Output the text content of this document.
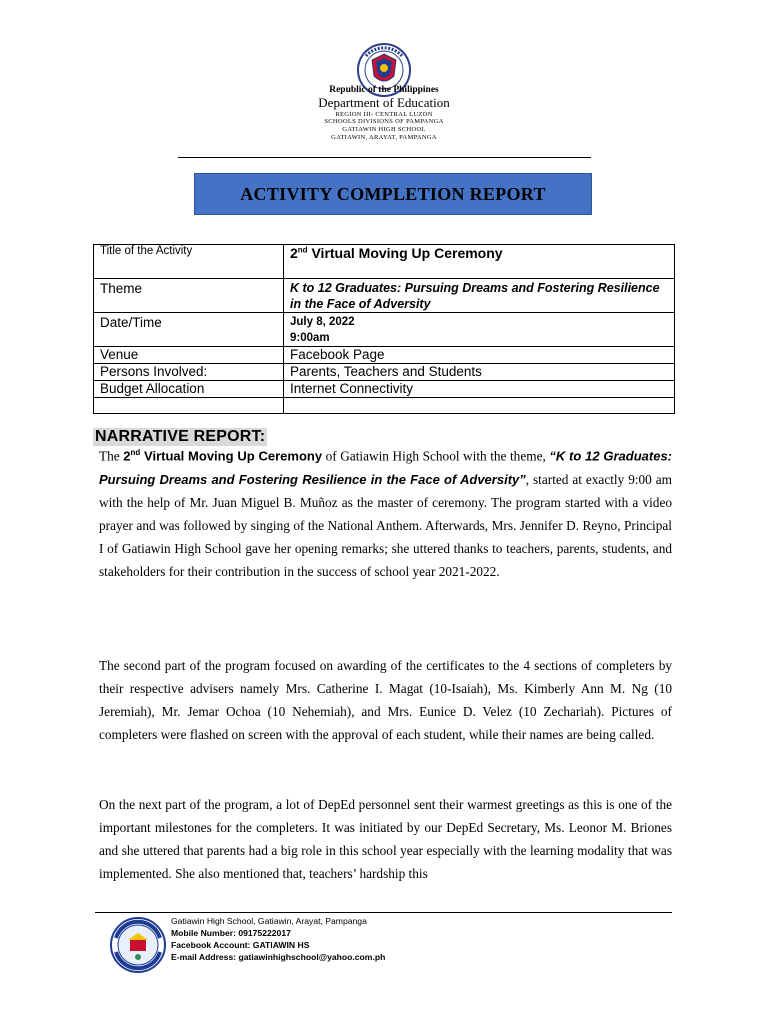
Republic of the Philippines
Department of Education
REGION III- CENTRAL LUZON
SCHOOLS DIVISIONS OF PAMPANGA
GATIAWIN HIGH SCHOOL
GATIAWIN, ARAYAT, PAMPANGA
ACTIVITY COMPLETION REPORT
Title of the Activity	2nd Virtual Moving Up Ceremony
Theme	K to 12 Graduates: Pursuing Dreams and Fostering Resilience in the Face of Adversity
Date/Time	July 8, 2022
9:00am

Venue	Facebook Page
Persons Involved:	Parents, Teachers and Students
Budget Allocation	Internet Connectivity

NARRATIVE REPORT:
The 2nd Virtual Moving Up Ceremony of Gatiawin High School with the theme, “K to 12 Graduates: Pursuing Dreams and Fostering Resilience in the Face of Adversity”, started at exactly 9:00 am with the help of Mr. Juan Miguel B. Muñoz as the master of ceremony. The program started with a video prayer and was followed by singing of the National Anthem. Afterwards, Mrs. Jennifer D. Reyno, Principal I of Gatiawin High School gave her opening remarks; she uttered thanks to teachers, parents, students, and stakeholders for their contribution in the success of school year 2021-2022.
The second part of the program focused on awarding of the certificates to the 4 sections of completers by their respective advisers namely Mrs. Catherine I. Magat (10-Isaiah), Ms. Kimberly Ann M. Ng (10 Jeremiah), Mr. Jemar Ochoa (10 Nehemiah), and Mrs. Eunice D. Velez (10 Zechariah). Pictures of completers were flashed on screen with the approval of each student, while their names are being called.
On the next part of the program, a lot of DepEd personnel sent their warmest greetings as this is one of the important milestones for the completers. It was initiated by our DepEd Secretary, Ms. Leonor M. Briones and she uttered that parents had a big role in this school year especially with the learning modality that was implemented. She also mentioned that, teachers’ hardship this
Gatiawin High School, Gatiawin, Arayat, Pampanga
Mobile Number: 09175222017
Facebook Account: GATIAWIN HS
E-mail Address: gatiawinhighschool@yahoo.com.ph
